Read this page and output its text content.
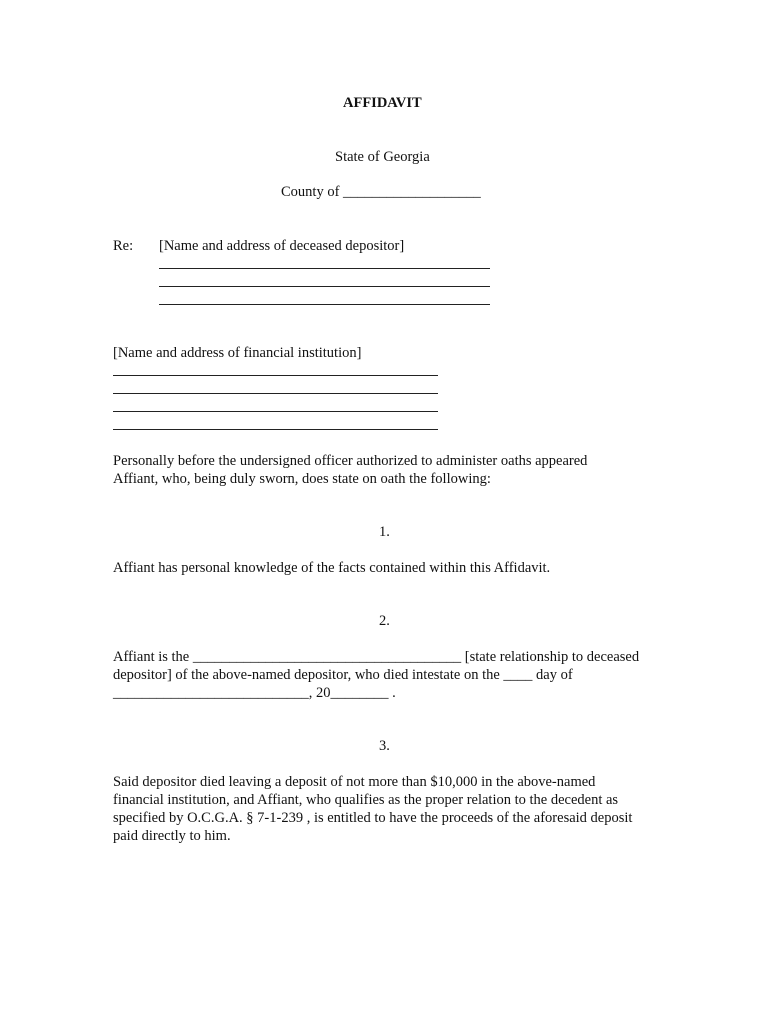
AFFIDAVIT
State of Georgia
County of ___________________
Re: [Name and address of deceased depositor]
[Name and address of financial institution]
Personally before the undersigned officer authorized to administer oaths appeared
Affiant, who, being duly sworn, does state on oath the following:
1.
Affiant has personal knowledge of the facts contained within this Affidavit.
2.
Affiant is the _____________________________________ [state relationship to deceased
depositor] of the above-named depositor, who died intestate on the ____ day of
___________________________, 20________ .
3.
Said depositor died leaving a deposit of not more than $10,000 in the above-named
financial institution, and Affiant, who qualifies as the proper relation to the decedent as
specified by O.C.G.A. § 7-1-239 , is entitled to have the proceeds of the aforesaid deposit
paid directly to him.
